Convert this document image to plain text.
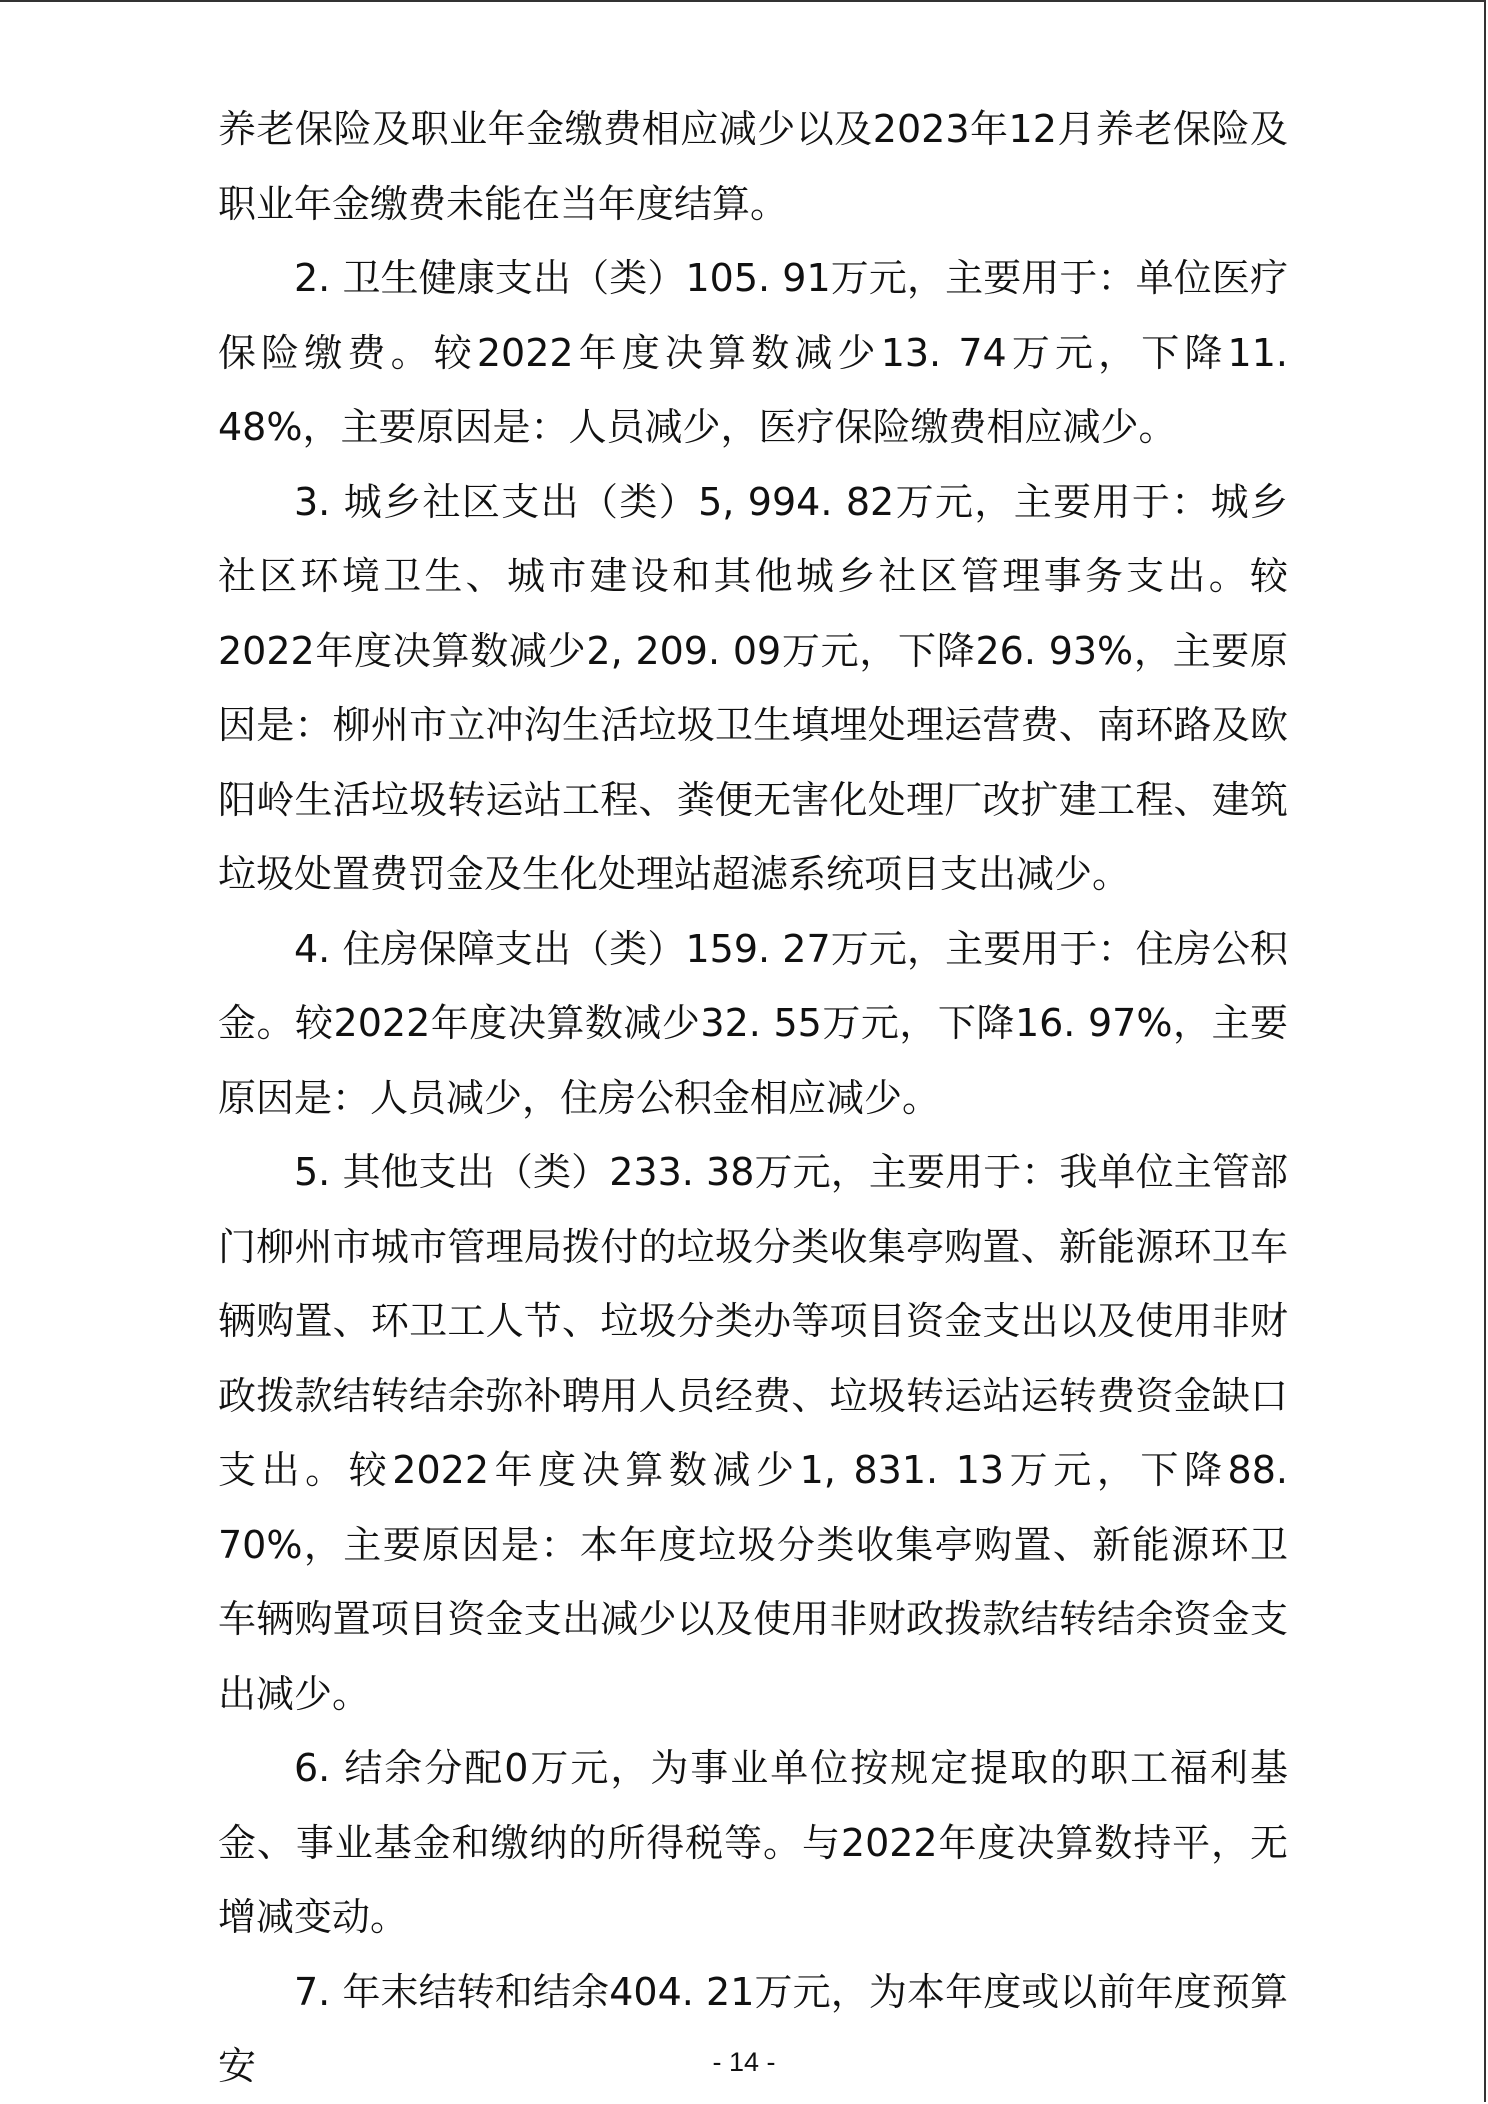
养老保险及职业年金缴费相应减少以及2023年12月养老保险及职业年金缴费未能在当年度结算。

2. 卫生健康支出（类）105. 91万元，主要用于：单位医疗保险缴费。较2022年度决算数减少13. 74万元，下降11. 48%，主要原因是：人员减少，医疗保险缴费相应减少。

3. 城乡社区支出（类）5, 994. 82万元，主要用于：城乡社区环境卫生、城市建设和其他城乡社区管理事务支出。较2022年度决算数减少2, 209. 09万元，下降26. 93%，主要原因是：柳州市立冲沟生活垃圾卫生填埋处理运营费、南环路及欧阳岭生活垃圾转运站工程、粪便无害化处理厂改扩建工程、建筑垃圾处置费罚金及生化处理站超滤系统项目支出减少。

4. 住房保障支出（类）159. 27万元，主要用于：住房公积金。较2022年度决算数减少32. 55万元，下降16. 97%，主要原因是：人员减少，住房公积金相应减少。

5. 其他支出（类）233. 38万元，主要用于：我单位主管部门柳州市城市管理局拨付的垃圾分类收集亭购置、新能源环卫车辆购置、环卫工人节、垃圾分类办等项目资金支出以及使用非财政拨款结转结余弥补聘用人员经费、垃圾转运站运转费资金缺口支出。较2022年度决算数减少1, 831. 13万元，下降88. 70%，主要原因是：本年度垃圾分类收集亭购置、新能源环卫车辆购置项目资金支出减少以及使用非财政拨款结转结余资金支出减少。

6. 结余分配0万元，为事业单位按规定提取的职工福利基金、事业基金和缴纳的所得税等。与2022年度决算数持平，无增减变动。

7. 年末结转和结余404. 21万元，为本年度或以前年度预算安	- 14 -
